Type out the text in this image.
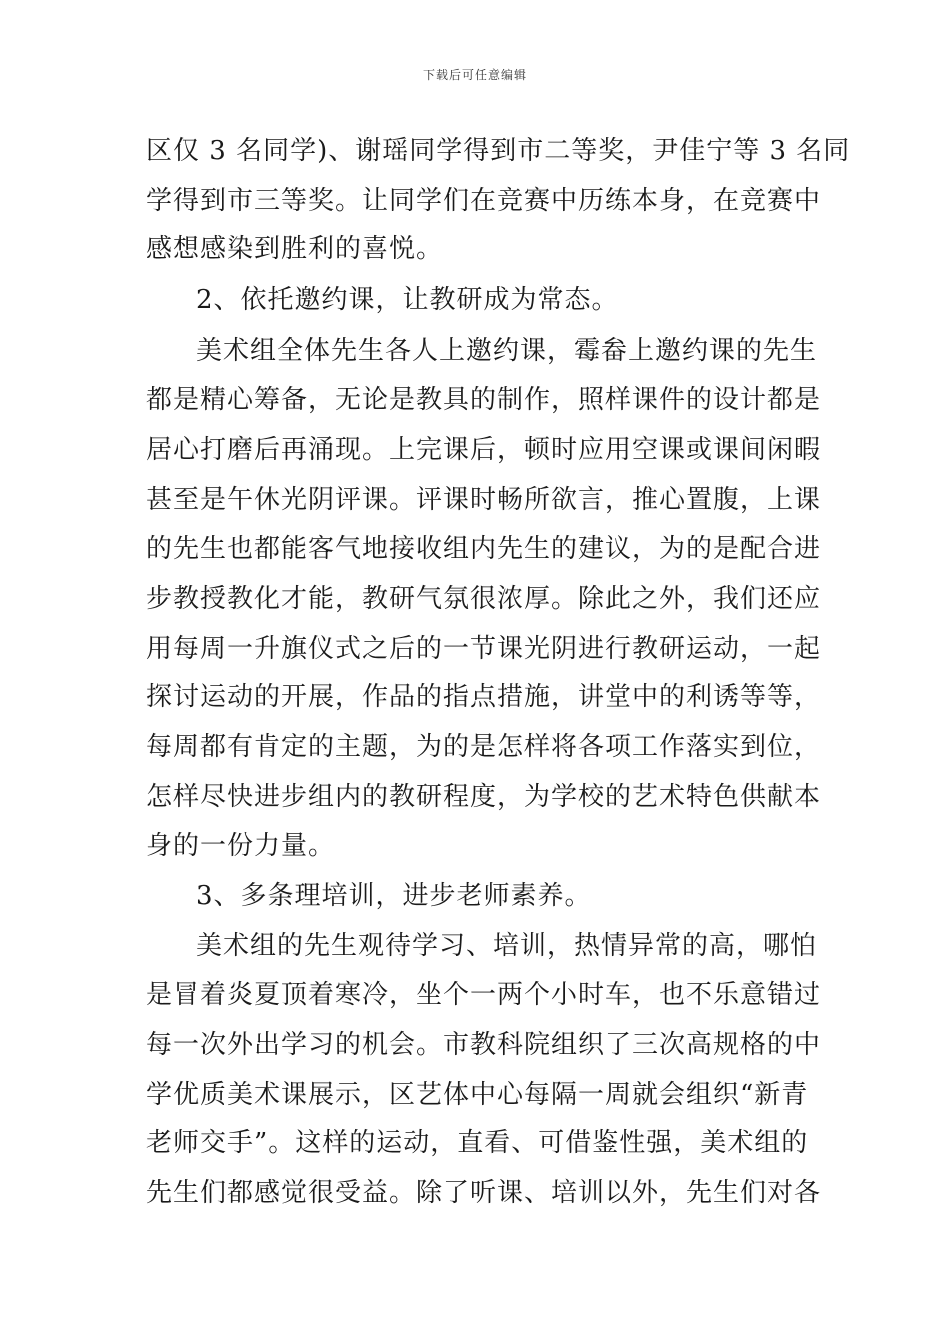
下载后可任意编辑
区仅 3 名同学)、谢瑶同学得到市二等奖，尹佳宁等 3 名同
学得到市三等奖。让同学们在竞赛中历练本身，在竞赛中
感想感染到胜利的喜悦。
2、依托邀约课，让教研成为常态。
美术组全体先生各人上邀约课，霉畚上邀约课的先生
都是精心筹备，无论是教具的制作，照样课件的设计都是
居心打磨后再涌现。上完课后，顿时应用空课或课间闲暇
甚至是午休光阴评课。评课时畅所欲言，推心置腹，上课
的先生也都能客气地接收组内先生的建议，为的是配合进
步教授教化才能，教研气氛很浓厚。除此之外，我们还应
用每周一升旗仪式之后的一节课光阴进行教研运动，一起
探讨运动的开展，作品的指点措施，讲堂中的利诱等等，
每周都有肯定的主题，为的是怎样将各项工作落实到位，
怎样尽快进步组内的教研程度，为学校的艺术特色供献本
身的一份力量。
3、多条理培训，进步老师素养。
美术组的先生观待学习、培训，热情异常的高，哪怕
是冒着炎夏顶着寒冷，坐个一两个小时车，也不乐意错过
每一次外出学习的机会。市教科院组织了三次高规格的中
学优质美术课展示，区艺体中心每隔一周就会组织“新青
老师交手”。这样的运动，直看、可借鉴性强，美术组的
先生们都感觉很受益。除了听课、培训以外，先生们对各
